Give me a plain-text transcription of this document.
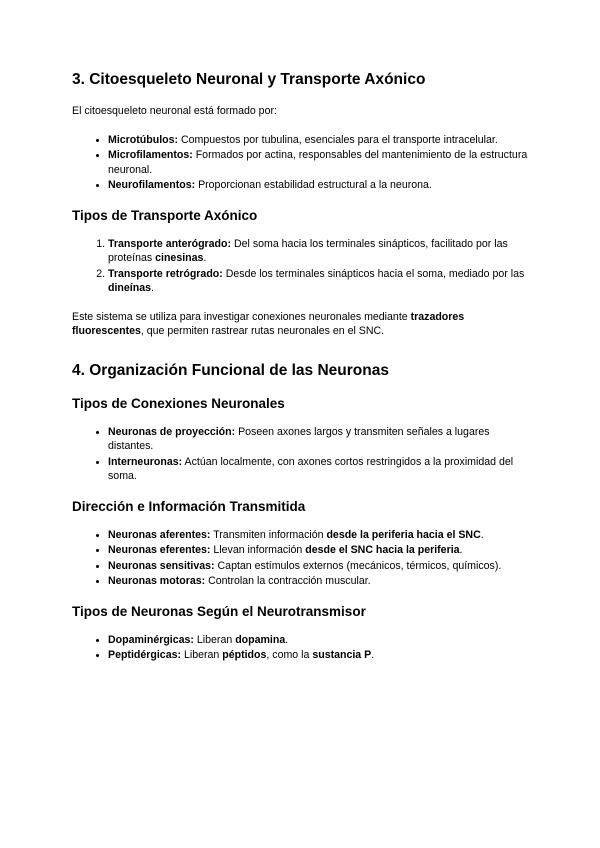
3. Citoesqueleto Neuronal y Transporte Axónico

El citoesqueleto neuronal está formado por:

• Microtúbulos: Compuestos por tubulina, esenciales para el transporte intracelular.
• Microfilamentos: Formados por actina, responsables del mantenimiento de la estructura neuronal.
• Neurofilamentos: Proporcionan estabilidad estructural a la neurona.
Tipos de Transporte Axónico
1. Transporte anterógrado: Del soma hacia los terminales sinápticos, facilitado por las proteínas cinesinas.
2. Transporte retrógrado: Desde los terminales sinápticos hacia el soma, mediado por las dineínas.

Este sistema se utiliza para investigar conexiones neuronales mediante trazadores fluorescentes, que permiten rastrear rutas neuronales en el SNC.

4. Organización Funcional de las Neuronas
Tipos de Conexiones Neuronales
• Neuronas de proyección: Poseen axones largos y transmiten señales a lugares distantes.
• Interneuronas: Actúan localmente, con axones cortos restringidos a la proximidad del soma.
Dirección e Información Transmitida
• Neuronas aferentes: Transmiten información desde la periferia hacia el SNC.
• Neuronas eferentes: Llevan información desde el SNC hacia la periferia.
• Neuronas sensitivas: Captan estímulos externos (mecánicos, térmicos, químicos).
• Neuronas motoras: Controlan la contracción muscular.
Tipos de Neuronas Según el Neurotransmisor
• Dopaminérgicas: Liberan dopamina.
• Peptidérgicas: Liberan péptidos, como la sustancia P.
